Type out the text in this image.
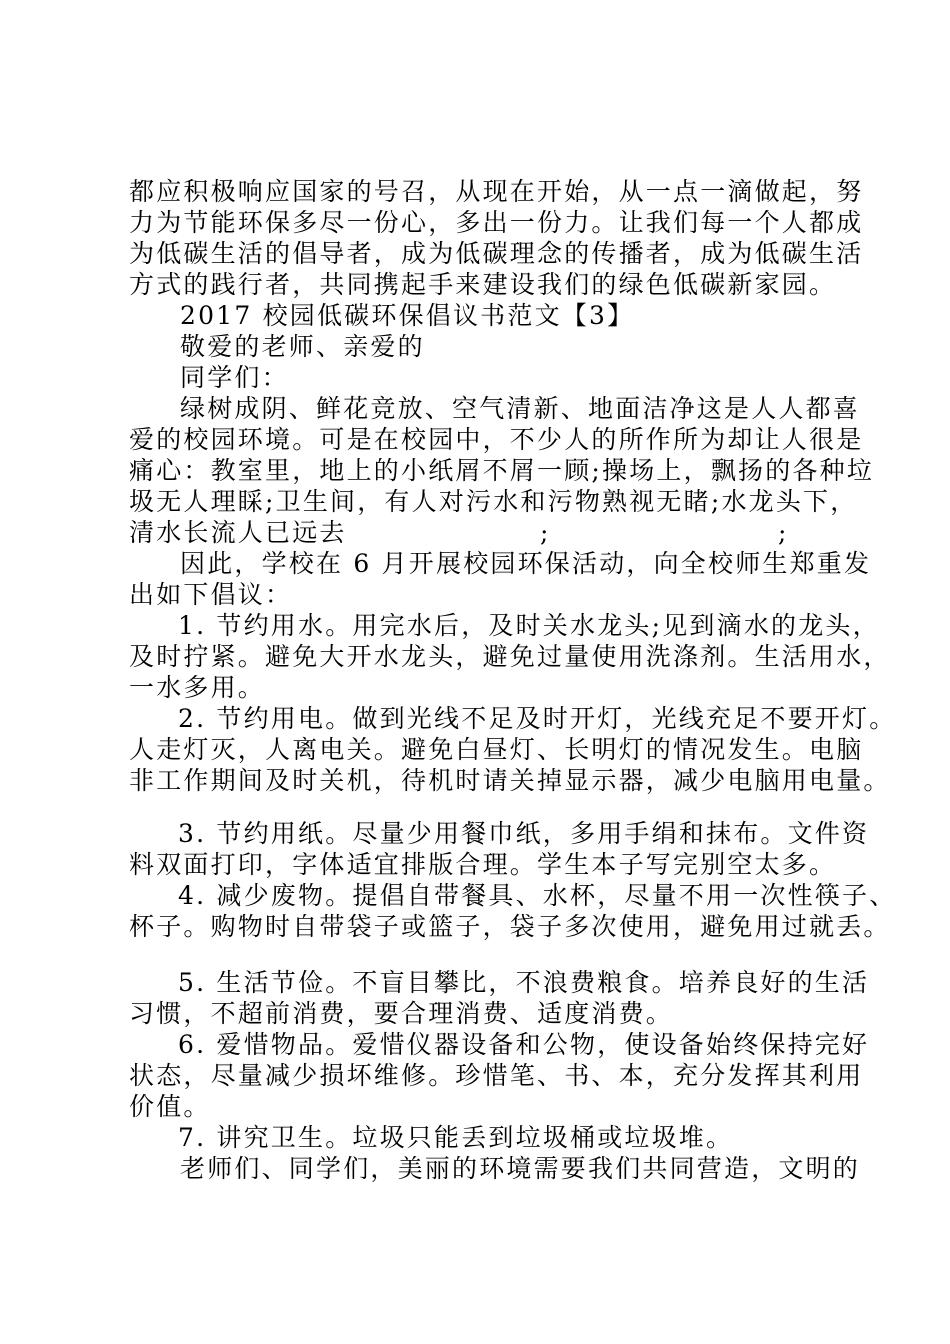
都应积极响应国家的号召，从现在开始，从一点一滴做起，努
力为节能环保多尽一份心，多出一份力。让我们每一个人都成
为低碳生活的倡导者，成为低碳理念的传播者，成为低碳生活
方式的践行者，共同携起手来建设我们的绿色低碳新家园。
2017 校园低碳环保倡议书范文【3】
敬爱的老师、亲爱的
同学们：
绿树成阴、鲜花竞放、空气清新、地面洁净这是人人都喜
爱的校园环境。可是在校园中，不少人的所作所为却让人很是
痛心：教室里，地上的小纸屑不屑一顾;操场上，飘扬的各种垃
圾无人理睬;卫生间，有人对污水和污物熟视无睹;水龙头下，
清水长流人已远去	;	;
因此，学校在 6 月开展校园环保活动，向全校师生郑重发
出如下倡议：
1. 节约用水。用完水后，及时关水龙头;见到滴水的龙头，
及时拧紧。避免大开水龙头，避免过量使用洗涤剂。生活用水，
一水多用。
2. 节约用电。做到光线不足及时开灯，光线充足不要开灯。
人走灯灭，人离电关。避免白昼灯、长明灯的情况发生。电脑
非工作期间及时关机，待机时请关掉显示器，减少电脑用电量。
3. 节约用纸。尽量少用餐巾纸，多用手绢和抹布。文件资
料双面打印，字体适宜排版合理。学生本子写完别空太多。
4. 减少废物。提倡自带餐具、水杯，尽量不用一次性筷子、
杯子。购物时自带袋子或篮子，袋子多次使用，避免用过就丢。
5. 生活节俭。不盲目攀比，不浪费粮食。培养良好的生活
习惯，不超前消费，要合理消费、适度消费。
6. 爱惜物品。爱惜仪器设备和公物，使设备始终保持完好
状态，尽量减少损坏维修。珍惜笔、书、本，充分发挥其利用
价值。
7. 讲究卫生。垃圾只能丢到垃圾桶或垃圾堆。
老师们、同学们，美丽的环境需要我们共同营造，文明的
